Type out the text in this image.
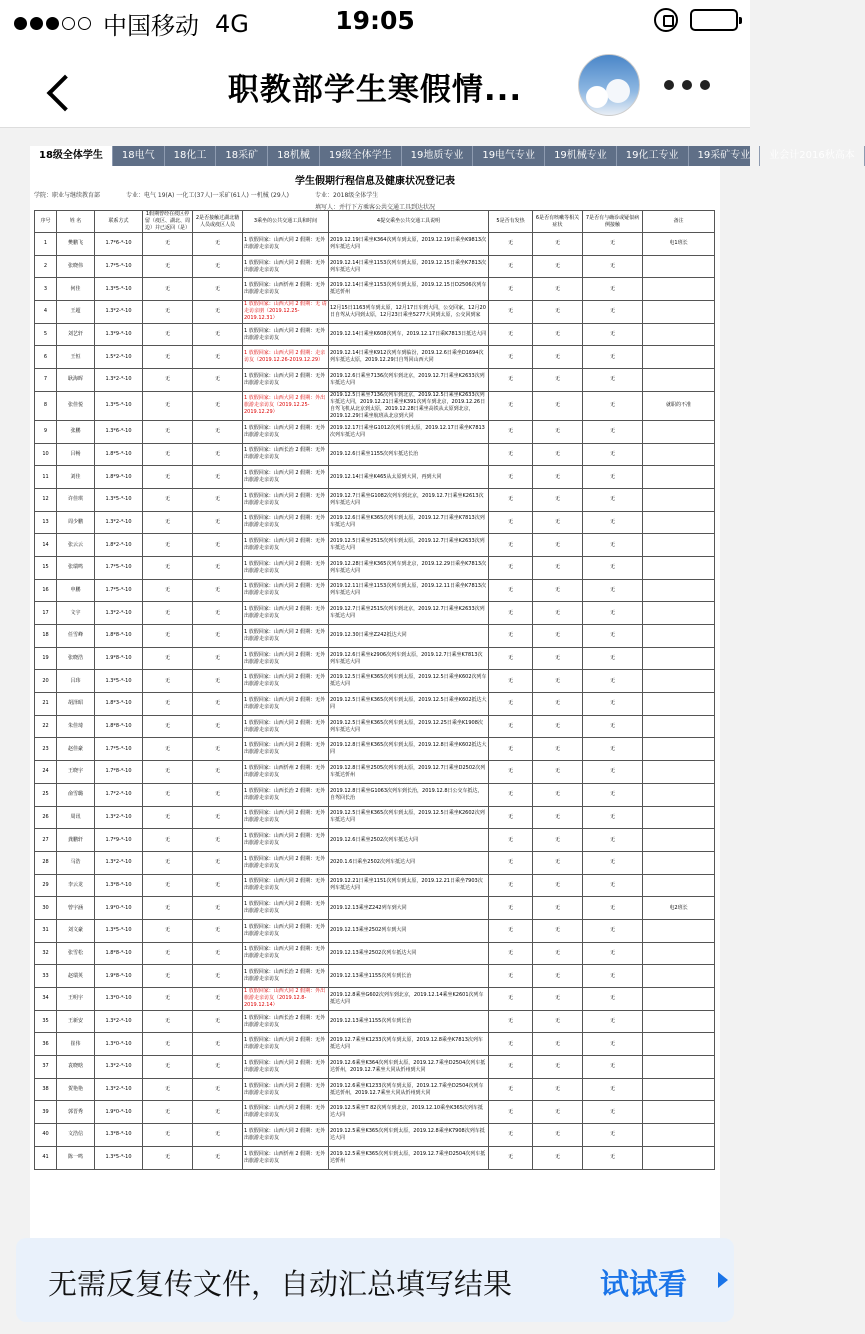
中国移动 4G	19:05
职教部学生寒假情...
18级全体学生	18电气	18化工	18采矿	18机械	19级全体学生	19地质专业	19电气专业	19机械专业	19化工专业	19采矿专业	业会计2016秋高本
学生假期行程信息及健康状况登记表
学院：职业与继续教育部	专业：电气 19(A) 一化工(37人)一采矿(61人) 一机械 (29人)	专业：2018级全体学生
填写人：并行下方乘客公共交通工具到达状况
序号	姓 名	联系方式	1假期曾经在疫区停留（疫区、湖北、周边）并已返回（是）	2是否接触过湖北籍人员或疫区人员	3乘坐的公共交通工具和时间	4提交乘坐公共交通工具说明	5是否有发热	6是否有咳嗽等相关症状	7是否有与确诊或疑似病例接触	备注
1	樊鹏飞	1.7*6-*-10	无	无	1 放假回家：山西大同 2 假期：无外出旅游走亲访友	2019.12.19日乘坐K364次列车到太原，2019.12.19日乘坐K9813次列车抵达大同	无	无	无	电1班长
2	张晓伟	1.7*5-*-10	无	无	1 放假回家：山西大同 2 假期：无外出旅游走亲访友	2019.12.14日乘坐1153次列车到太原，2019.12.15日乘坐K7813次列车抵达大同	无	无	无	
3	何佳	1.3*5-*-10	无	无	1 放假回家：山西忻州 2 假期：无外出旅游走亲访友	2019.12.14日乘坐1153次列车到太原，2019.12.15日D2506次列车抵达忻州	无	无	无	
4	王超	1.3*2-*-10	无	无	1 放假回家：山西大同 2 假期：无 请走访亲朋（2019.12.25-2019.12.31）	12月15日1163列车到太原，12月17日车到大同，公交回家，12月20日自驾从大同到太原，12月23日乘坐5277大同到太原，公交回到家	无	无	无	
5	刘艺轩	1.3*9-*-10	无	无	1 放假回家：山西大同 2 假期：无外出旅游走亲访友	2019.12.14日乘坐K608次列车，2019.12.17日乘K7813日抵达大同	无	无	无	
6	王恒	1.5*2-*-10	无	无	1 放假回家：山西大同 2 假期：走亲访友（2019.12.26-2019.12.29）	2019.12.14日乘坐K912次列车到临汾，2019.12.6日乘坐D1694次列车抵达太原，2019.12.29日自驾回山西大同	无	无	无	
7	耿海晖	1.3*2-*-10	无	无	1 放假回家：山西大同 2 假期：无外出旅游走亲访友	2019.12.6日乘坐7136次列车到北京，2019.12.7日乘坐K2633次列车抵达大同	无	无	无	
8	张佳悦	1.3*5-*-10	无	无	1 放假回家：山西大同 2 假期：外出旅游走亲访友（2019.12.25-2019.12.29）	2019.12.5日乘坐7136次列车到北京，2019.12.5日乘坐K2633次列车抵达大同，2019.12.21日乘坐K391次列车到北京，2019.12.26日自驾飞机从北京到太原，2019.12.28日乘坐高铁从太原到北京，2019.12.29日乘坐航班从北京到大同	无	无	无	就职的不准
9	张鹏	1.3*6-*-10	无	无	1 放假回家：山西大同 2 假期：无外出旅游走亲访友	2019.12.17日乘坐G1012次列车到太原，2019.12.17日乘坐K7813次列车抵达大同	无	无	无	
10	吕畅	1.8*5-*-10	无	无	1 放假回家：山西长治 2 假期：无外出旅游走亲访友	2019.12.6日乘坐1155次列车抵达长治	无	无	无	
11	刘佳	1.8*9-*-10	无	无	1 放假回家：山西大同 2 假期：无外出旅游走亲访友	2019.12.14日乘坐K465从太原到大同，再到大同	无	无	无	
12	许佳琪	1.3*5-*-10	无	无	1 放假回家：山西大同 2 假期：无外出旅游走亲访友	2019.12.7日乘坐G1082次列车到北京，2019.12.7日乘坐K2613次列车抵达大同	无	无	无	
13	周少鹏	1.3*2-*-10	无	无	1 放假回家：山西大同 2 假期：无外出旅游走亲访友	2019.12.6日乘坐K365次列车到太原，2019.12.7日乘坐K7813次列车抵达大同	无	无	无	
14	张云云	1.8*2-*-10	无	无	1 放假回家：山西大同 2 假期：无外出旅游走亲访友	2019.12.5日乘坐2515次列车到太原，2019.12.7日乘坐K2633次列车抵达大同	无	无	无	
15	张瑞鸣	1.7*5-*-10	无	无	1 放假回家：山西大同 2 假期：无外出旅游走亲访友	2019.12.28日乘坐K365次列车到北京，2019.12.29日乘坐K7813次列车抵达大同	无	无	无	
16	申鹏	1.7*5-*-10	无	无	1 放假回家：山西大同 2 假期：无外出旅游走亲访友	2019.12.11日乘坐1153次列车到太原，2019.12.11日乘坐K7813次列车抵达大同	无	无	无	
17	文宇	1.3*2-*-10	无	无	1 放假回家：山西大同 2 假期：无外出旅游走亲访友	2019.12.7日乘坐2515次列车到北京，2019.12.7日乘坐K2633次列车抵达大同	无	无	无	
18	任雪峰	1.8*8-*-10	无	无	1 放假回家：山西大同 2 假期：无外出旅游走亲访友	2019.12.30日乘坐Z242抵达大同	无	无	无	
19	张晓浩	1.9*8-*-10	无	无	1 放假回家：山西大同 2 假期：无外出旅游走亲访友	2019.12.6日乘坐k2906次列车到太原，2019.12.7日乘坐K7813次列车抵达大同	无	无	无	
20	吕玮	1.3*5-*-10	无	无	1 放假回家：山西大同 2 假期：无外出旅游走亲访友	2019.12.5日乘坐K365次列车到太原，2019.12.5日乘坐K602次列车抵达大同	无	无	无	
21	胡泽昭	1.8*3-*-10	无	无	1 放假回家：山西大同 2 假期：无外出旅游走亲访友	2019.12.5日乘坐K365次列车到太原，2019.12.5日乘坐K602抵达大同	无	无	无	
22	朱佳琦	1.8*8-*-10	无	无	1 放假回家：山西大同 2 假期：无外出旅游走亲访友	2019.12.5日乘坐K365次列车到太原，2019.12.25日乘坐K1908次列车抵达大同	无	无	无	
23	赵佳豪	1.7*5-*-10	无	无	1 放假回家：山西大同 2 假期：无外出旅游走亲访友	2019.12.8日乘坐K365次列车到太原，2019.12.8日乘坐K602抵达大同	无	无	无	
24	王晓宇	1.7*8-*-10	无	无	1 放假回家：山西忻州 2 假期：无外出旅游走亲访友	2019.12.8日乘坐2505次列车到太原，2019.12.7日乘坐D2502次列车抵达忻州	无	无	无	
25	俞雪璐	1.7*2-*-10	无	无	1 放假回家：山西长治 2 假期：无外出旅游走亲访友	2019.12.8日乘坐G1063次列车到长治，2019.12.8日公交车抵达，自驾回长治	无	无	无	
26	周讯	1.3*2-*-10	无	无	1 放假回家：山西大同 2 假期：无外出旅游走亲访友	2019.12.5日乘坐K365次列车到太原，2019.12.5日乘坐K2602次列车抵达大同	无	无	无	
27	龚鹏轩	1.7*9-*-10	无	无	1 放假回家：山西大同 2 假期：无外出旅游走亲访友	2019.12.6日乘坐2502次列车抵达大同	无	无	无	
28	马浩	1.3*2-*-10	无	无	1 放假回家：山西大同 2 假期：无外出旅游走亲访友	2020.1.6日乘坐2502次列车抵达大同	无	无	无	
29	李云龙	1.3*8-*-10	无	无	1 放假回家：山西大同 2 假期：无外出旅游走亲访友	2019.12.21日乘坐1151次列车到太原，2019.12.21日乘坐7903次列车抵达大同	无	无	无	
30	曾宇涵	1.9*0-*-10	无	无	1 放假回家：山西大同 2 假期：无外出旅游走亲访友	2019.12.13乘坐Z242列车到大同	无	无	无	电2班长
31	刘文豪	1.3*5-*-10	无	无	1 放假回家：山西大同 2 假期：无外出旅游走亲访友	2019.12.13乘坐2502列车到大同	无	无	无	
32	张雪松	1.8*8-*-10	无	无	1 放假回家：山西大同 2 假期：无外出旅游走亲访友	2019.12.13乘坐2502次列车抵达大同	无	无	无	
33	赵瑞英	1.9*8-*-10	无	无	1 放假回家：山西长治 2 假期：无外出旅游走亲访友	2019.12.13乘坐1155次列车到长治	无	无	无	
34	王明宇	1.3*0-*-10	无	无	1 放假回家：山西大同 2 假期：外出旅游走亲访友（2019.12.8-2019.12.14）	2019.12.8乘坐G602次列车到北京，2019.12.14乘坐K2601次列车抵达大同	无	无	无	
35	王新安	1.3*2-*-10	无	无	1 放假回家：山西长治 2 假期：无外出旅游走亲访友	2019.12.13乘坐1155次列车到长治	无	无	无	
36	崔伟	1.3*0-*-10	无	无	1 放假回家：山西大同 2 假期：无外出旅游走亲访友	2019.12.7乘坐K1233次列车到太原，2019.12.8乘坐K7813次列车抵达大同	无	无	无	
37	袁晓晗	1.3*2-*-10	无	无	1 放假回家：山西大同 2 假期：无外出旅游走亲访友	2019.12.6乘坐K364次列车到太原，2019.12.7乘坐D2504次列车抵达忻州，2019.12.7乘坐大同从忻州到大同	无	无	无	
38	贺艳艳	1.3*2-*-10	无	无	1 放假回家：山西大同 2 假期：无外出旅游走亲访友	2019.12.6乘坐K1233次列车到太原，2019.12.7乘坐D2504次列车抵达忻州，2019.12.7乘坐大同从忻州到大同	无	无	无	
39	郭晋秀	1.9*0-*-10	无	无	1 放假回家：山西大同 2 假期：无外出旅游走亲访友	2019.12.5乘坐T 82次列车到北京，2019.12.10乘坐K365次列车抵达大同	无	无	无	
40	文浩信	1.3*8-*-10	无	无	1 放假回家：山西大同 2 假期：无外出旅游走亲访友	2019.12.5乘坐K365次列车到太原，2019.12.8乘坐K7908次列车抵达大同	无	无	无	
41	陈一鸣	1.3*5-*-10	无	无	1 放假回家：山西忻州 2 假期：无外出旅游走亲访友	2019.12.5乘坐K365次列车到太原，2019.12.7乘坐D2504次列车抵达忻州	无	无	无	
无需反复传文件，自动汇总填写结果	试试看
